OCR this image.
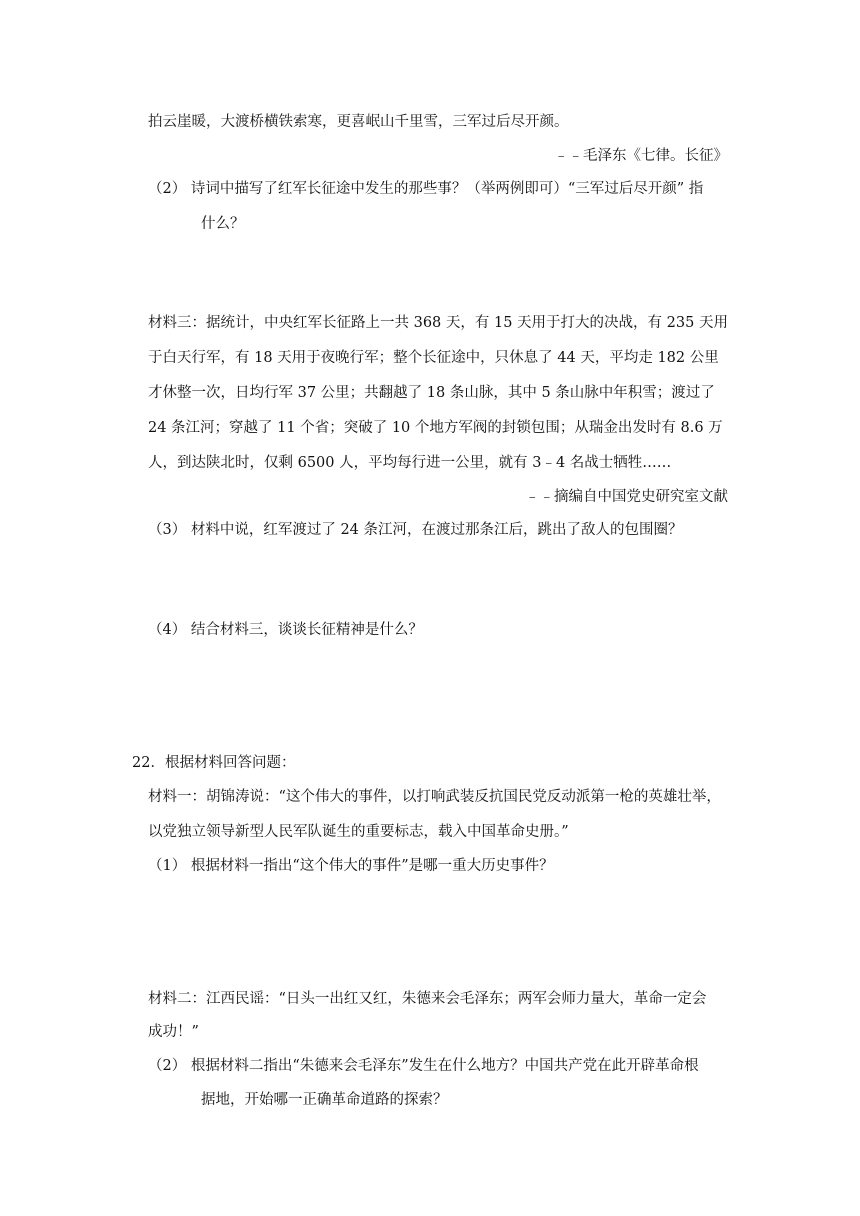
拍云崖暖，大渡桥横铁索寒，更喜岷山千里雪，三军过后尽开颜。
﹣﹣毛泽东《七律。长征》
（2） 诗词中描写了红军长征途中发生的那些事？（举两例即可）“三军过后尽开颜” 指
什么？
材料三：据统计，中央红军长征路上一共 368 天，有 15 天用于打大的决战，有 235 天用
于白天行军，有 18 天用于夜晚行军；整个长征途中，只休息了 44 天，平均走 182 公里
才休整一次，日均行军 37 公里；共翻越了 18 条山脉，其中 5 条山脉中年积雪；渡过了
24 条江河；穿越了 11 个省；突破了 10 个地方军阀的封锁包围；从瑞金出发时有 8.6 万
人，到达陕北时，仅剩 6500 人，平均每行进一公里，就有 3﹣4 名战士牺牲……
﹣﹣摘编自中国党史研究室文献
（3） 材料中说，红军渡过了 24 条江河，在渡过那条江后，跳出了敌人的包围圈？
（4） 结合材料三，谈谈长征精神是什么？
22．根据材料回答问题：
材料一：胡锦涛说：“这个伟大的事件，以打响武装反抗国民党反动派第一枪的英雄壮举，
以党独立领导新型人民军队诞生的重要标志，载入中国革命史册。”
（1） 根据材料一指出“这个伟大的事件”是哪一重大历史事件？
材料二：江西民谣：“日头一出红又红，朱德来会毛泽东；两军会师力量大，革命一定会
成功！”
（2） 根据材料二指出“朱德来会毛泽东”发生在什么地方？中国共产党在此开辟革命根
据地，开始哪一正确革命道路的探索？
